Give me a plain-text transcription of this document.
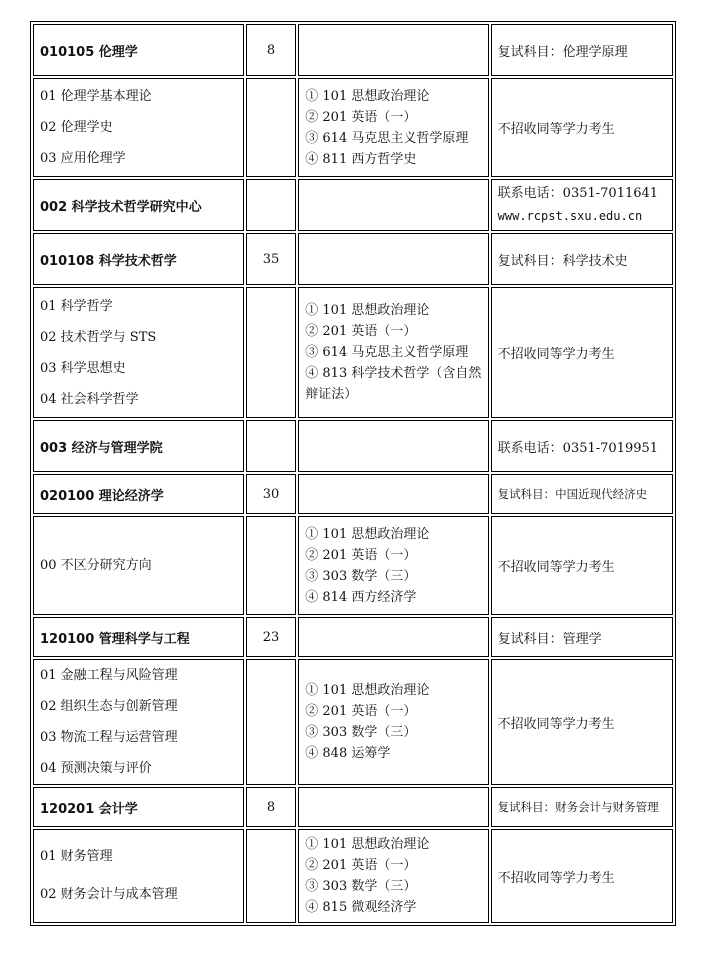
010105 伦理学	8		复试科目：伦理学原理

01 伦理学基本理论
02 伦理学史
03 应用伦理学		① 101 思想政治理论
② 201 英语（一）
③ 614 马克思主义哲学原理
④ 811 西方哲学史	不招收同等学力考生
002 科学技术哲学研究中心			联系电话：0351-7011641
www.rcpst.sxu.edu.cn

010108 科学技术哲学	35		复试科目：科学技术史

01 科学哲学
02 技术哲学与 STS
03 科学思想史
04 社会科学哲学		① 101 思想政治理论
② 201 英语（一）
③ 614 马克思主义哲学原理
④ 813 科学技术哲学（含自然辩证法）	不招收同等学力考生
003 经济与管理学院			联系电话：0351-7019951
020100 理论经济学	30		复试科目：中国近现代经济史

00 不区分研究方向		① 101 思想政治理论
② 201 英语（一）
③ 303 数学（三）
④ 814 西方经济学	不招收同等学力考生
120100 管理科学与工程	23		复试科目：管理学

01 金融工程与风险管理
02 组织生态与创新管理
03 物流工程与运营管理
04 预测决策与评价		① 101 思想政治理论
② 201 英语（一）
③ 303 数学（三）
④ 848 运筹学	不招收同等学力考生
120201 会计学	8		复试科目：财务会计与财务管理

01 财务管理
02 财务会计与成本管理		① 101 思想政治理论
② 201 英语（一）
③ 303 数学（三）
④ 815 微观经济学	不招收同等学力考生
